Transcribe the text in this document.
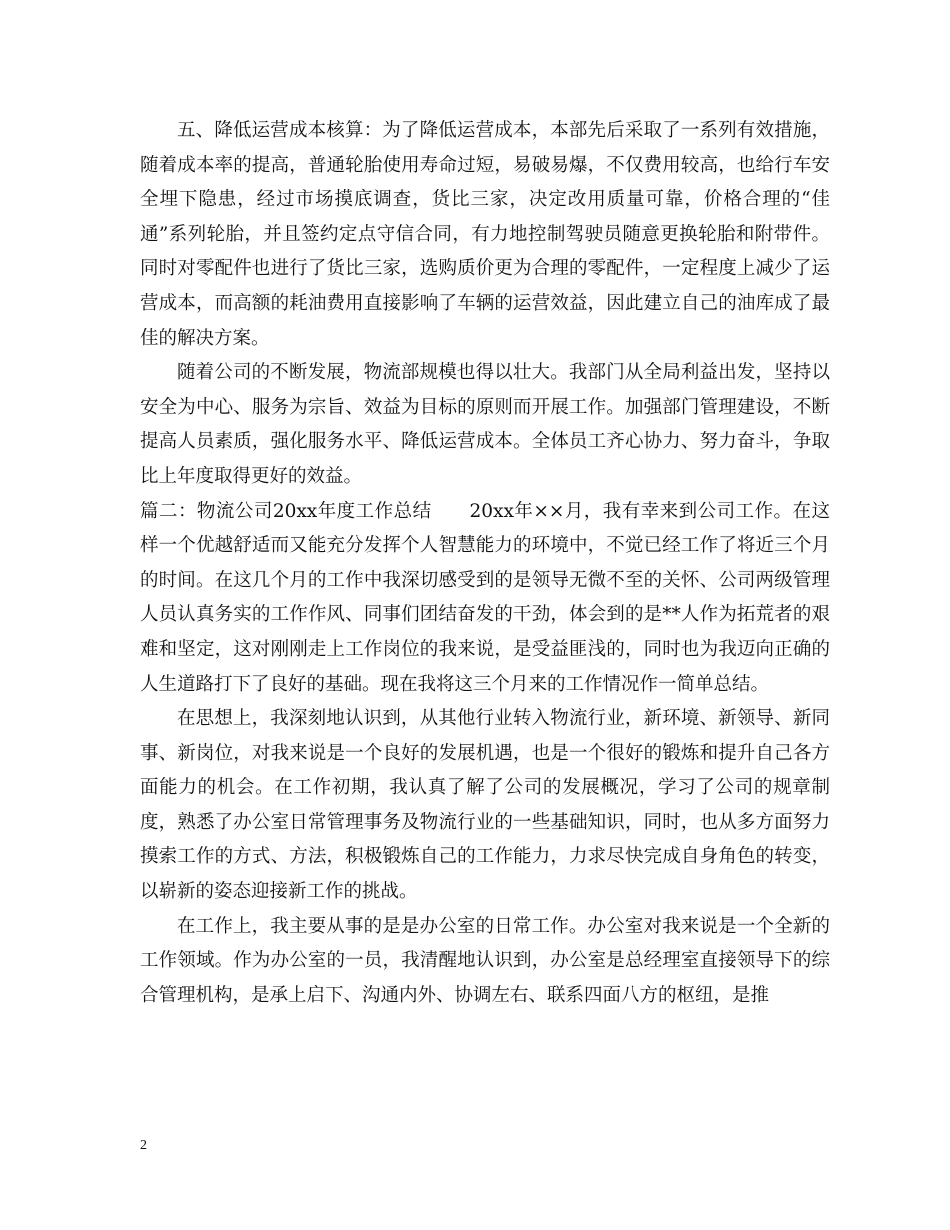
五、降低运营成本核算：为了降低运营成本，本部先后采取了一系列有效措施，随着成本率的提高，普通轮胎使用寿命过短，易破易爆，不仅费用较高，也给行车安全埋下隐患，经过市场摸底调查，货比三家，决定改用质量可靠，价格合理的“佳通”系列轮胎，并且签约定点守信合同，有力地控制驾驶员随意更换轮胎和附带件。同时对零配件也进行了货比三家，选购质价更为合理的零配件，一定程度上减少了运营成本，而高额的耗油费用直接影响了车辆的运营效益，因此建立自己的油库成了最佳的解决方案。

随着公司的不断发展，物流部规模也得以壮大。我部门从全局利益出发，坚持以安全为中心、服务为宗旨、效益为目标的原则而开展工作。加强部门管理建设，不断提高人员素质，强化服务水平、降低运营成本。全体员工齐心协力、努力奋斗，争取比上年度取得更好的效益。

篇二：物流公司20xx年度工作总结　　20xx年××月，我有幸来到公司工作。在这样一个优越舒适而又能充分发挥个人智慧能力的环境中，不觉已经工作了将近三个月的时间。在这几个月的工作中我深切感受到的是领导无微不至的关怀、公司两级管理人员认真务实的工作作风、同事们团结奋发的干劲，体会到的是**人作为拓荒者的艰难和坚定，这对刚刚走上工作岗位的我来说，是受益匪浅的，同时也为我迈向正确的人生道路打下了良好的基础。现在我将这三个月来的工作情况作一简单总结。

在思想上，我深刻地认识到，从其他行业转入物流行业，新环境、新领导、新同事、新岗位，对我来说是一个良好的发展机遇，也是一个很好的锻炼和提升自己各方面能力的机会。在工作初期，我认真了解了公司的发展概况，学习了公司的规章制度，熟悉了办公室日常管理事务及物流行业的一些基础知识，同时，也从多方面努力摸索工作的方式、方法，积极锻炼自己的工作能力，力求尽快完成自身角色的转变，以崭新的姿态迎接新工作的挑战。

在工作上，我主要从事的是是办公室的日常工作。办公室对我来说是一个全新的工作领域。作为办公室的一员，我清醒地认识到，办公室是总经理室直接领导下的综合管理机构，是承上启下、沟通内外、协调左右、联系四面八方的枢纽，是推

2
